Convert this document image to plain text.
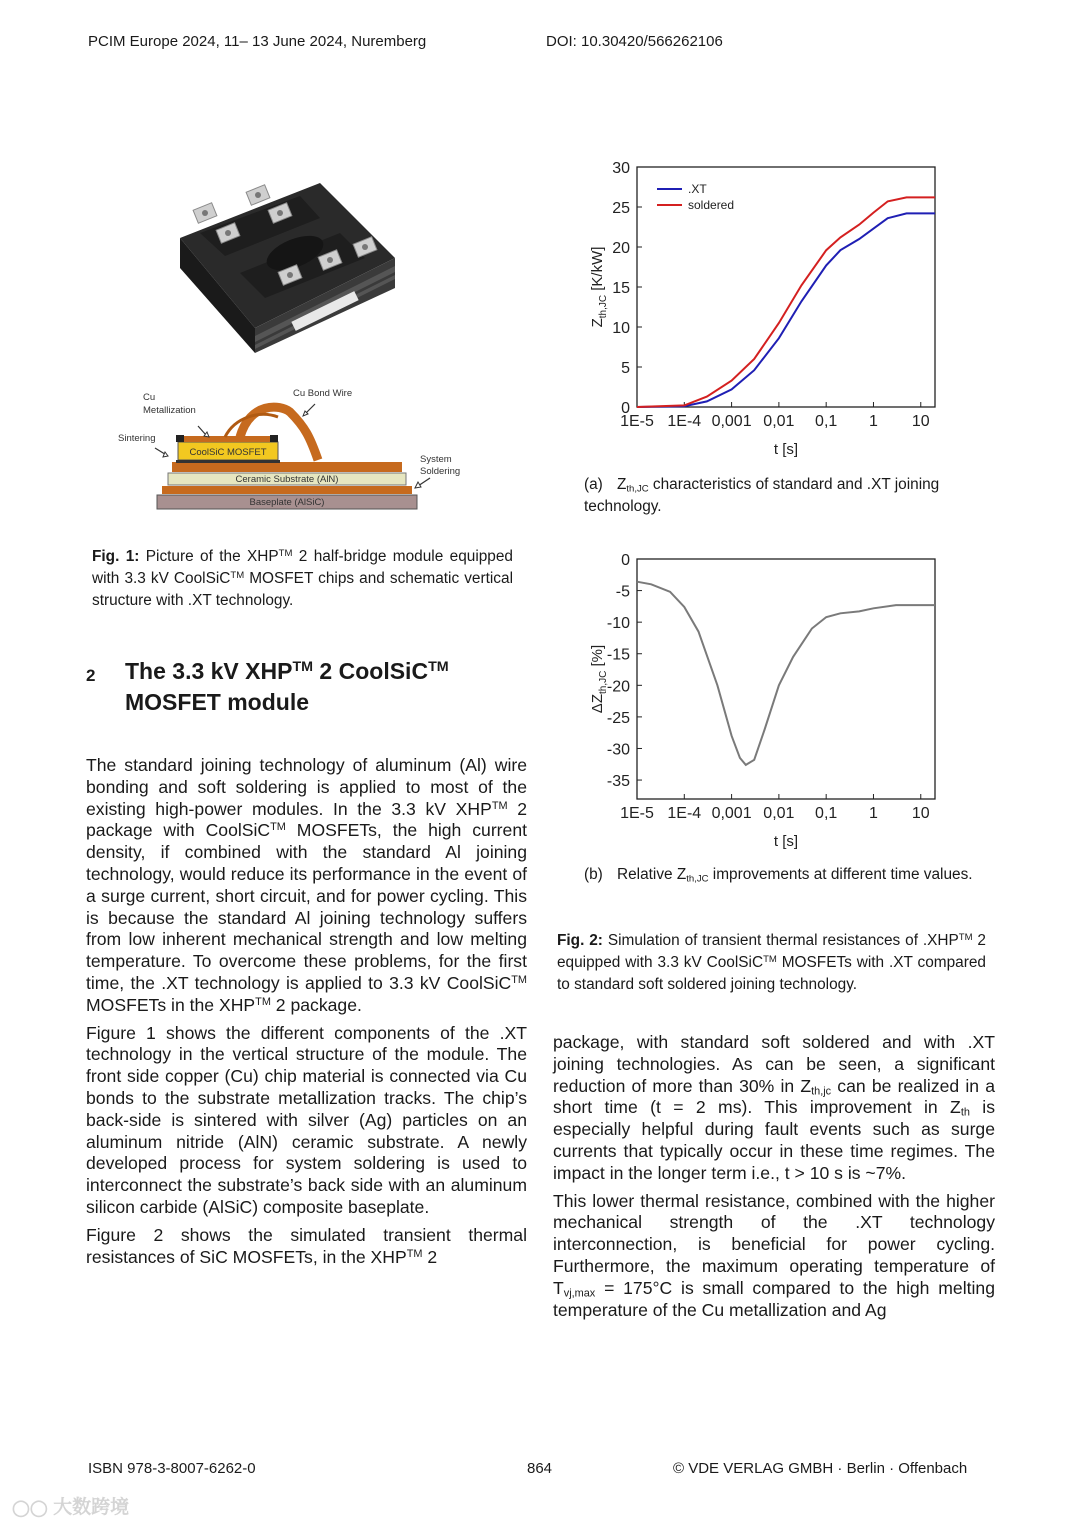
PCIM Europe 2024, 11– 13 June 2024, Nuremberg	DOI: 10.30420/566262106
Cu
Metallization
Cu Bond Wire
Sintering
CoolSiC MOSFET
Ceramic Substrate (AlN)
System
Soldering
Baseplate (AlSiC)
Fig. 1: Picture of the XHP™ 2 half-bridge module equipped with 3.3 kV CoolSiC™ MOSFET chips and schematic vertical structure with .XT technology.
2 The 3.3 kV XHP™ 2 CoolSiC™
MOSFET module

The standard joining technology of aluminum (Al) wire bonding and soft soldering is applied to most of the existing high-power modules. In the 3.3 kV XHP™ 2 package with CoolSiC™ MOSFETs, the high current density, if combined with the standard Al joining technology, would reduce its performance in the event of a surge current, short circuit, and for power cycling. This is because the standard Al joining technology suffers from low inherent mechanical strength and low melting temperature. To overcome these problems, for the first time, the .XT technology is applied to 3.3 kV CoolSiC™ MOSFETs in the XHP™ 2 package.

Figure 1 shows the different components of the .XT technology in the vertical structure of the module. The front side copper (Cu) chip material is connected via Cu bonds to the substrate metallization tracks. The chip’s back-side is sintered with silver (Ag) particles on an aluminum nitride (AlN) ceramic substrate. A newly developed process for system soldering is used to interconnect the substrate’s back side with an aluminum silicon carbide (AlSiC) composite baseplate.

Figure 2 shows the simulated transient thermal resistances of SiC MOSFETs, in the XHP™ 2

0
5
10
15
20
25
30
1E-5 1E-4 0,001 0,01 0,1 1 10
t [s]
$Z_{th,JC}$ [K/kW]
.XT
soldered
(a) $Z_{th,JC}$ characteristics of standard and .XT joining technology.
0
-5
-10
-15
-20
-25
-30
-35
1E-5 1E-4 0,001 0,01 0,1 1 10
t [s]
$\Delta Z_{th,JC}$ [%]
(b) Relative $Z_{th,JC}$ improvements at different time values.
Fig. 2: Simulation of transient thermal resistances of .XHP™ 2 equipped with 3.3 kV CoolSiC™ MOSFETs with .XT compared to standard soft soldered joining technology.

package, with standard soft soldered and with .XT joining technologies. As can be seen, a significant reduction of more than 30% in $Z_{th,jc}$ can be realized in a short time (t = 2 ms). This improvement in $Z_{th}$ is especially helpful during fault events such as surge currents that typically occur in these time regimes. The impact in the longer term i.e., t > 10 s is ~7%.

This lower thermal resistance, combined with the higher mechanical strength of the .XT technology interconnection, is beneficial for power cycling. Furthermore, the maximum operating temperature of $T_{vj,max} = 175^\circ C$ is small compared to the high melting temperature of the Cu metallization and Ag

ISBN 978-3-8007-6262-0	864	© VDE VERLAG GMBH · Berlin · Offenbach
◯◯ 大数跨境
